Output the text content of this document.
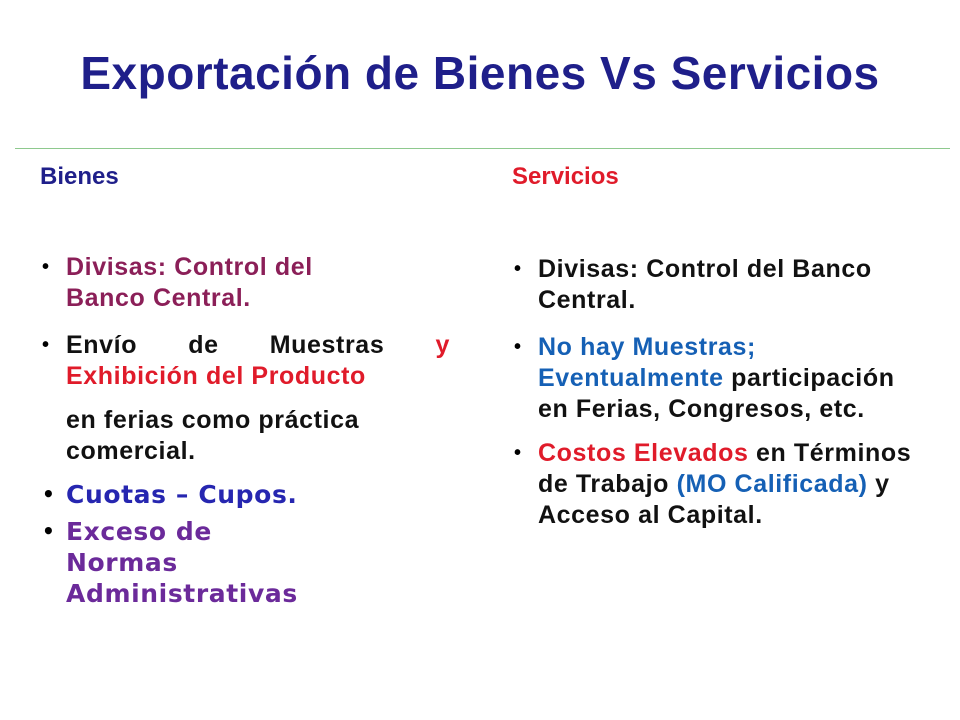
Exportación de Bienes Vs Servicios
Bienes
• Divisas: Control del Banco Central.
• Envío de Muestras y
Exhibición del Producto
en ferias como práctica comercial.
• Cuotas – Cupos.
• Exceso de Normas Administrativas
Servicios
• Divisas: Control del Banco Central.
• No hay Muestras; Eventualmente participación en Ferias, Congresos, etc.
• Costos Elevados en Términos de Trabajo (MO Calificada) y Acceso al Capital.
